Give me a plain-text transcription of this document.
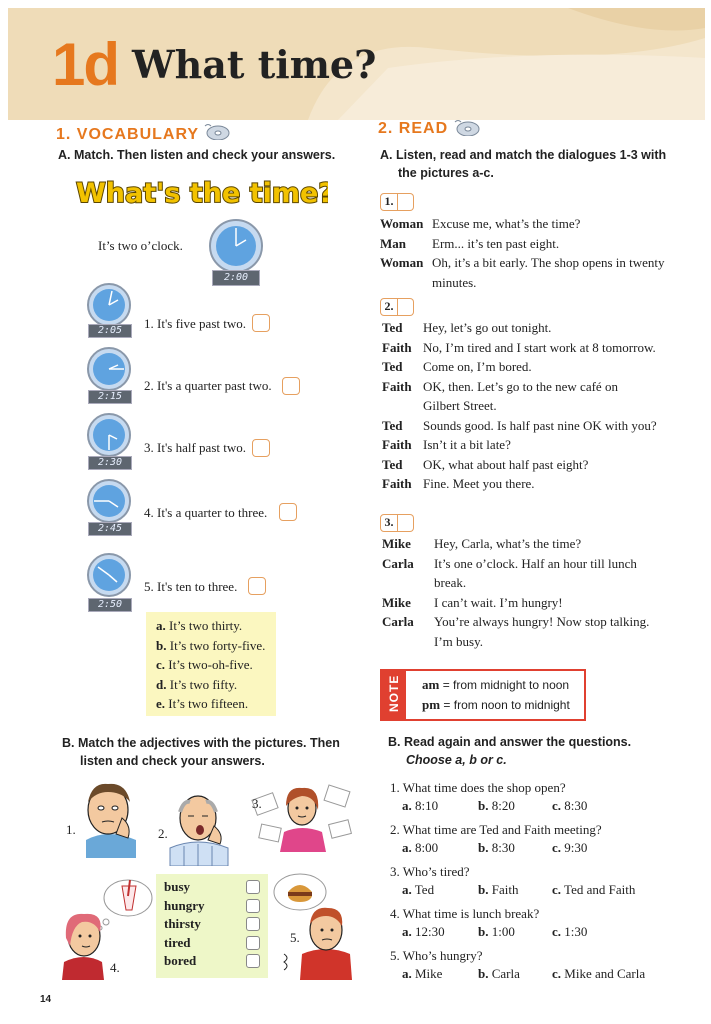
1d What time?
1. VOCABULARY
A. Match. Then listen and check your answers.
What's the time?
It’s two o’clock.
2:00
2:05	1. It's five past two.
2:15
2. It's a quarter past two.
2:30
3. It's half past two.
2:45
4. It's a quarter to three.
2:50
5. It's ten to three.
a. It’s two thirty.
b. It’s two forty-five.
c. It’s two-oh-five.
d. It’s two fifty.
e. It’s two fifteen.
B. Match the adjectives with the pictures. Then
listen and check your answers.
1.	2.
3.
4.
busy
hungry
thirsty
tired
bored
5.
14
2. READ
A. Listen, read and match the dialogues 1-3 with
the pictures a-c.
1.
Woman Excuse me, what’s the time?
Man Erm... it’s ten past eight.
Woman Oh, it’s a bit early. The shop opens in twenty
minutes.
2.
Ted Hey, let’s go out tonight.
Faith No, I’m tired and I start work at 8 tomorrow.
Ted Come on, I’m bored.
Faith OK, then. Let’s go to the new café on
Gilbert Street.
Ted Sounds good. Is half past nine OK with you?
Faith Isn’t it a bit late?
Ted OK, what about half past eight?
Faith Fine. Meet you there.
3.
Mike Hey, Carla, what’s the time?
Carla It’s one o’clock. Half an hour till lunch
break.
Mike I can’t wait. I’m hungry!
Carla You’re always hungry! Now stop talking.
I’m busy.
NOTE am = from midnight to noon
pm = from noon to midnight
B. Read again and answer the questions.
Choose a, b or c.
1. What time does the shop open?
a. 8:10	b. 8:20	c. 8:30
2. What time are Ted and Faith meeting?
a. 8:00	b. 8:30	c. 9:30
3. Who’s tired?
a. Ted	b. Faith	c. Ted and Faith
4. What time is lunch break?
a. 12:30	b. 1:00	c. 1:30
5. Who’s hungry?
a. Mike	b. Carla c. Mike and Carla
